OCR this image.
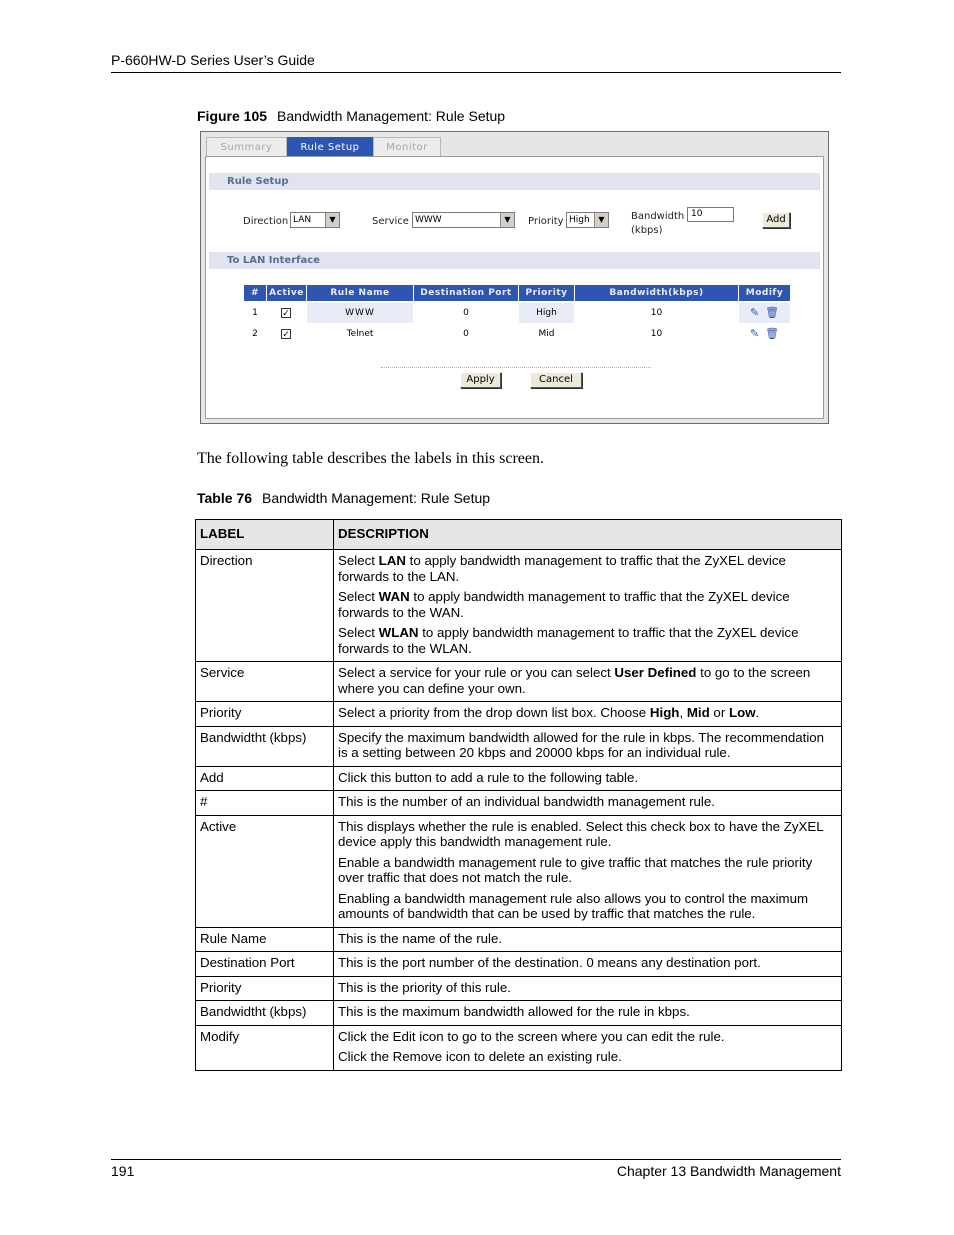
P-660HW-D Series User’s Guide
Figure 105 Bandwidth Management: Rule Setup
Summary	Rule Setup	Monitor
Rule Setup
Direction LAN	▼	Service WWW	▼	Priority High	▼	Bandwidth
(kbps)
10	Add
To LAN Interface
#	Active	Rule Name	Destination Port	Priority	Bandwidth(kbps)	Modify
1	✓	WWW	0	High	10	✎ 🗑
2	✓	Telnet	0	Mid	10	✎ 🗑
Apply	Cancel
The following table describes the labels in this screen.
Table 76 Bandwidth Management: Rule Setup
LABEL	DESCRIPTION
Direction	Select LAN to apply bandwidth management to traffic that the ZyXEL device forwards to the LAN.

Select WAN to apply bandwidth management to traffic that the ZyXEL device forwards to the WAN.

Select WLAN to apply bandwidth management to traffic that the ZyXEL device forwards to the WLAN.

Service	Select a service for your rule or you can select User Defined to go to the screen where you can define your own.

Priority	Select a priority from the drop down list box. Choose High, Mid or Low.

Bandwidtht (kbps)	Specify the maximum bandwidth allowed for the rule in kbps. The recommendation is a setting between 20 kbps and 20000 kbps for an individual rule.

Add	Click this button to add a rule to the following table.

#	This is the number of an individual bandwidth management rule.

Active	This displays whether the rule is enabled. Select this check box to have the ZyXEL device apply this bandwidth management rule.

Enable a bandwidth management rule to give traffic that matches the rule priority over traffic that does not match the rule.

Enabling a bandwidth management rule also allows you to control the maximum amounts of bandwidth that can be used by traffic that matches the rule.

Rule Name	This is the name of the rule.

Destination Port	This is the port number of the destination. 0 means any destination port.

Priority	This is the priority of this rule.

Bandwidtht (kbps)	This is the maximum bandwidth allowed for the rule in kbps.

Modify	Click the Edit icon to go to the screen where you can edit the rule.

Click the Remove icon to delete an existing rule.

191	Chapter 13 Bandwidth Management
